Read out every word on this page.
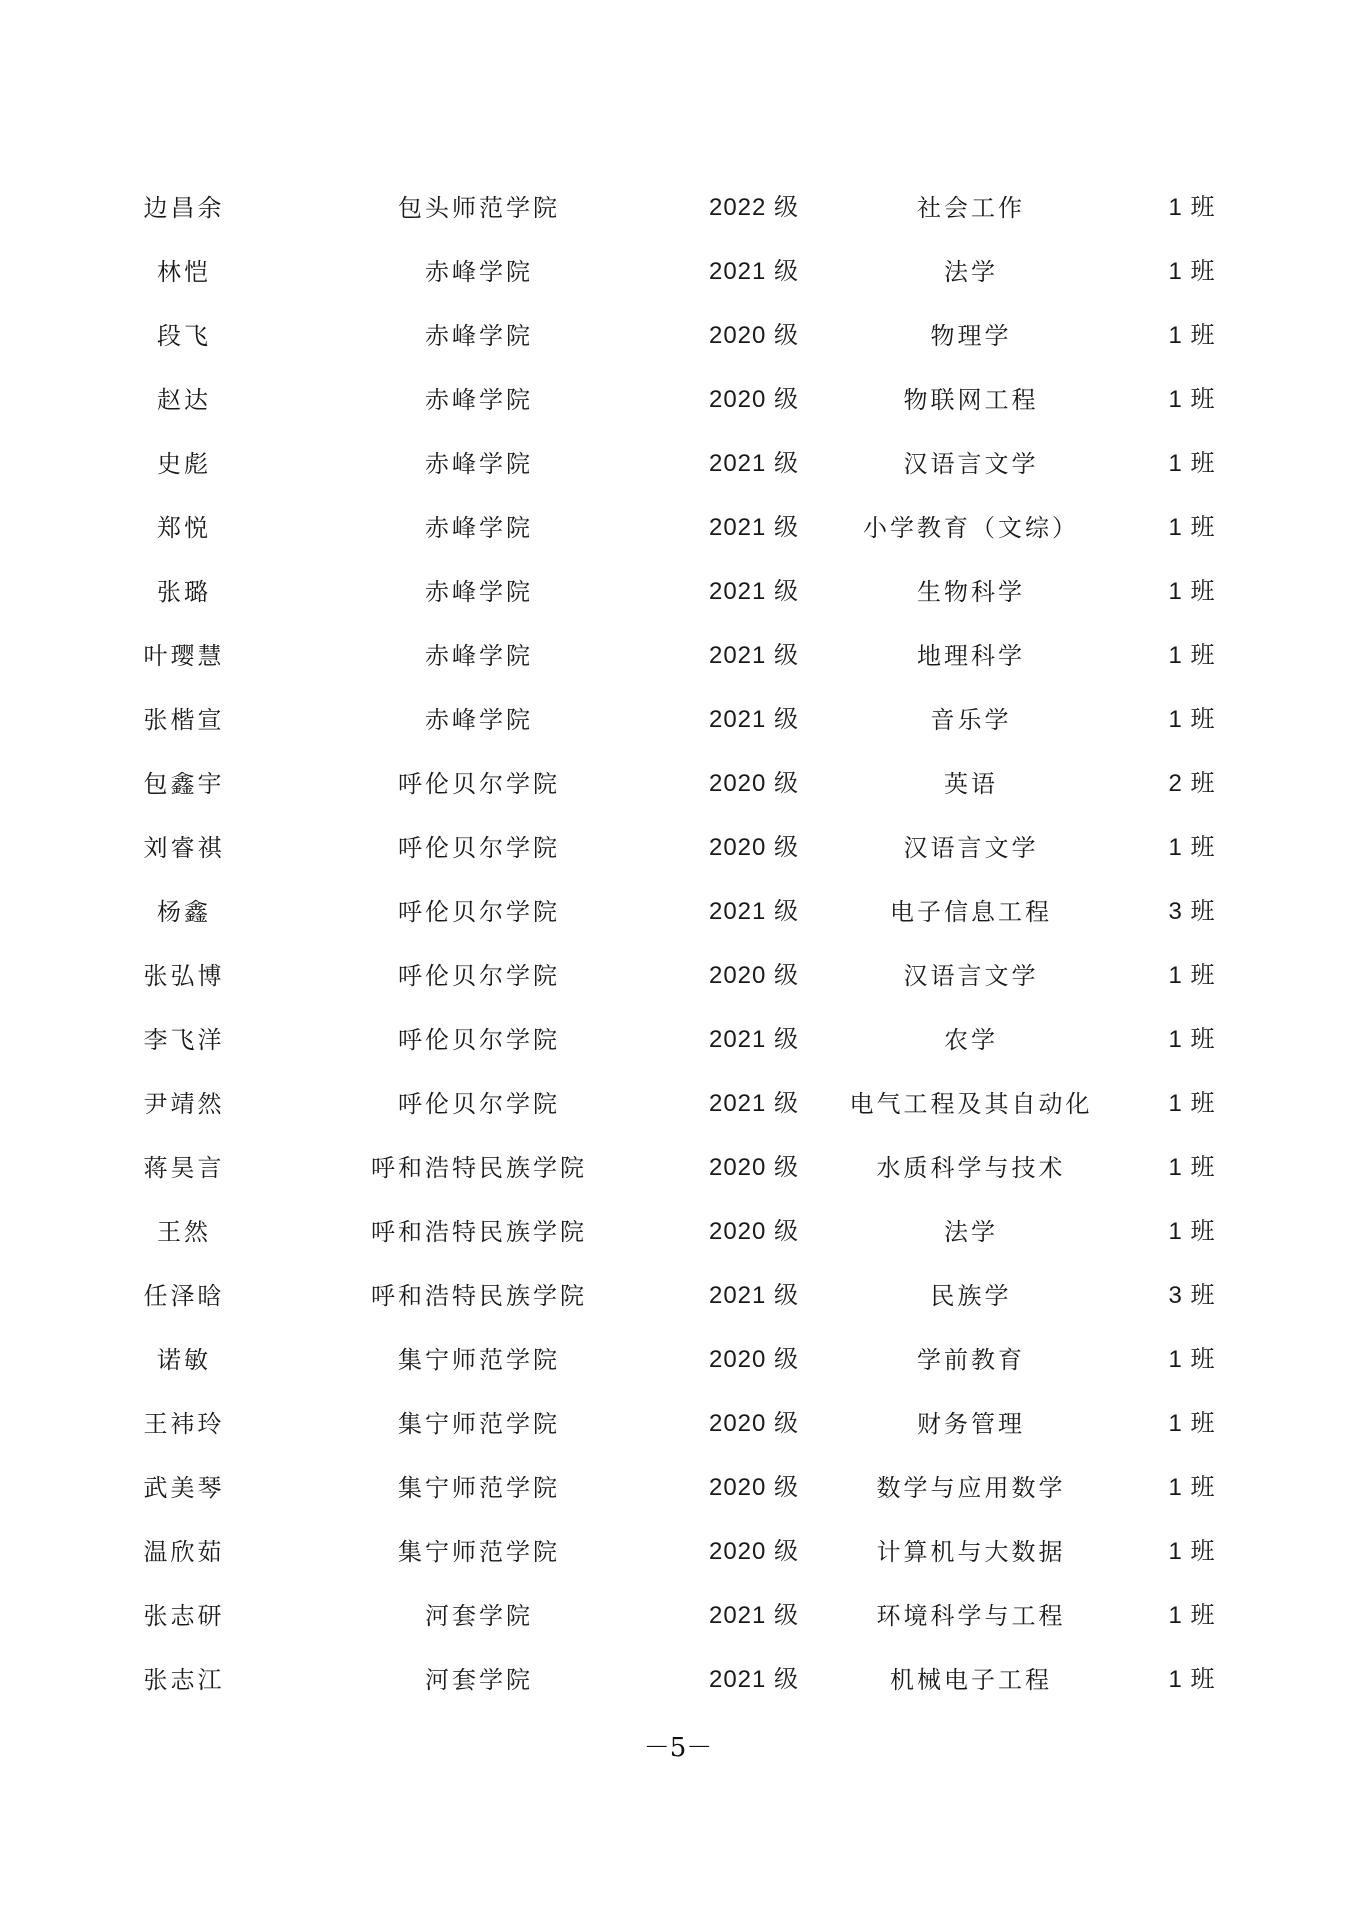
边昌余	包头师范学院	2022 级	社会工作	1 班
林恺	赤峰学院	2021 级	法学	1 班
段飞	赤峰学院	2020 级	物理学	1 班
赵达	赤峰学院	2020 级	物联网工程	1 班
史彪	赤峰学院	2021 级	汉语言文学	1 班
郑悦	赤峰学院	2021 级	小学教育（文综）	1 班
张璐	赤峰学院	2021 级	生物科学	1 班
叶璎慧	赤峰学院	2021 级	地理科学	1 班
张楷宣	赤峰学院	2021 级	音乐学	1 班
包鑫宇	呼伦贝尔学院	2020 级	英语	2 班
刘睿祺	呼伦贝尔学院	2020 级	汉语言文学	1 班
杨鑫	呼伦贝尔学院	2021 级	电子信息工程	3 班
张弘博	呼伦贝尔学院	2020 级	汉语言文学	1 班
李飞洋	呼伦贝尔学院	2021 级	农学	1 班
尹靖然	呼伦贝尔学院	2021 级	电气工程及其自动化	1 班
蒋昊言	呼和浩特民族学院	2020 级	水质科学与技术	1 班
王然	呼和浩特民族学院	2020 级	法学	1 班
任泽晗	呼和浩特民族学院	2021 级	民族学	3 班
诺敏	集宁师范学院	2020 级	学前教育	1 班
王袆玲	集宁师范学院	2020 级	财务管理	1 班
武美琴	集宁师范学院	2020 级	数学与应用数学	1 班
温欣茹	集宁师范学院	2020 级	计算机与大数据	1 班
张志研	河套学院	2021 级	环境科学与工程	1 班
张志江	河套学院	2021 级	机械电子工程	1 班
－5－
